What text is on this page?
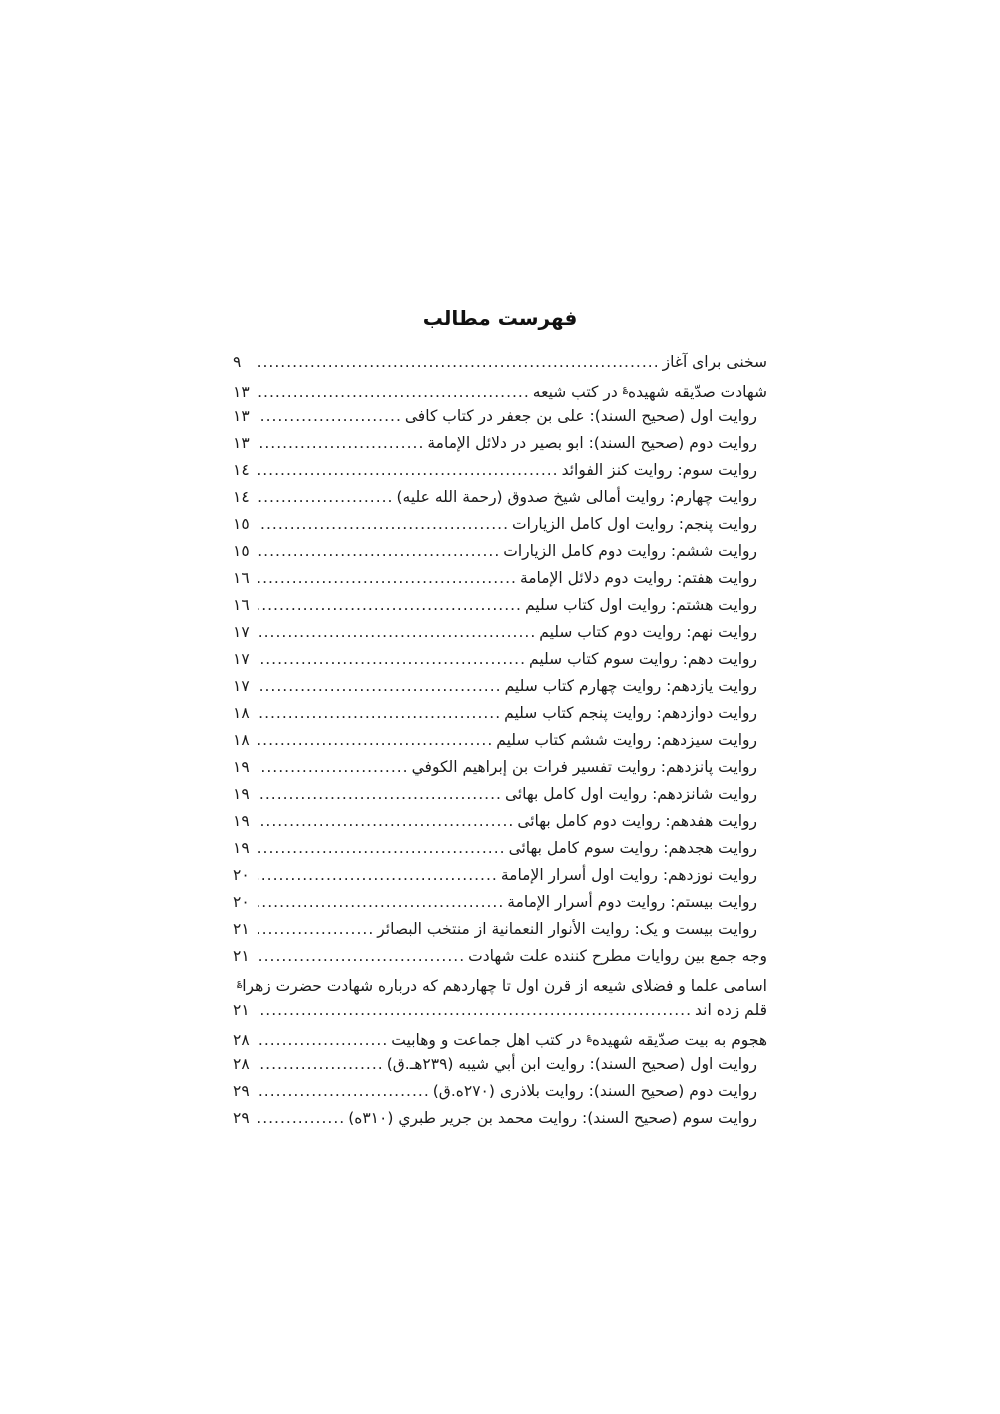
فهرست مطالب
سخنی برای آغاز
.....
۹
شهادت صدّیقه شهیده؏ در کتب شیعه
.....
۱۳
روایت اول (صحیح السند): علی بن جعفر در کتاب کافی
.....
۱۳
روایت دوم (صحیح السند): ابو بصیر در دلائل الإمامة
.....
۱۳
روایت سوم: روایت کنز الفوائد
.....
۱٤
روایت چهارم: روایت أمالی شیخ صدوق (رحمة الله علیه)
.....
۱٤
روایت پنجم: روایت اول کامل الزیارات
.....
۱٥
روایت ششم: روایت دوم کامل الزیارات
.....
۱٥
روایت هفتم: روایت دوم دلائل الإمامة
.....
۱٦
روایت هشتم: روایت اول کتاب سلیم
.....
۱٦
روایت نهم: روایت دوم کتاب سلیم
.....
۱۷
روایت دهم: روایت سوم کتاب سلیم
.....
۱۷
روایت یازدهم: روایت چهارم کتاب سلیم
.....
۱۷
روایت دوازدهم: روایت پنجم کتاب سلیم
.....
۱۸
روایت سیزدهم: روایت ششم کتاب سلیم
.....
۱۸
روایت پانزدهم: روایت تفسیر فرات بن إبراهیم الکوفي
.....
۱۹
روایت شانزدهم: روایت اول کامل بهائی
.....
۱۹
روایت هفدهم: روایت دوم کامل بهائی
.....
۱۹
روایت هجدهم: روایت سوم کامل بهائی
.....
۱۹
روایت نوزدهم: روایت اول أسرار الإمامة
.....
۲۰
روایت بیستم: روایت دوم أسرار الإمامة
.....
۲۰
روایت بیست و یک: روایت الأنوار النعمانیة از منتخب البصائر
.....
۲۱
وجه جمع بین روایات مطرح کننده علت شهادت
.....
۲۱
اسامی علما و فضلای شیعه از قرن اول تا چهاردهم که درباره شهادت حضرت زهرا؏
قلم زده اند
.....
۲۱
هجوم به بیت صدّیقه شهیده؏ در کتب اهل جماعت و وهابیت
.....
۲۸
روایت اول (صحیح السند): روایت ابن أبي شیبه (۲۳۹هـ.ق)
.....
۲۸
روایت دوم (صحیح السند): روایت بلاذری (۲۷۰ه.ق)
.....
۲۹
روایت سوم (صحیح السند): روایت محمد بن جریر طبري (۳۱۰ه)
.....
۲۹
